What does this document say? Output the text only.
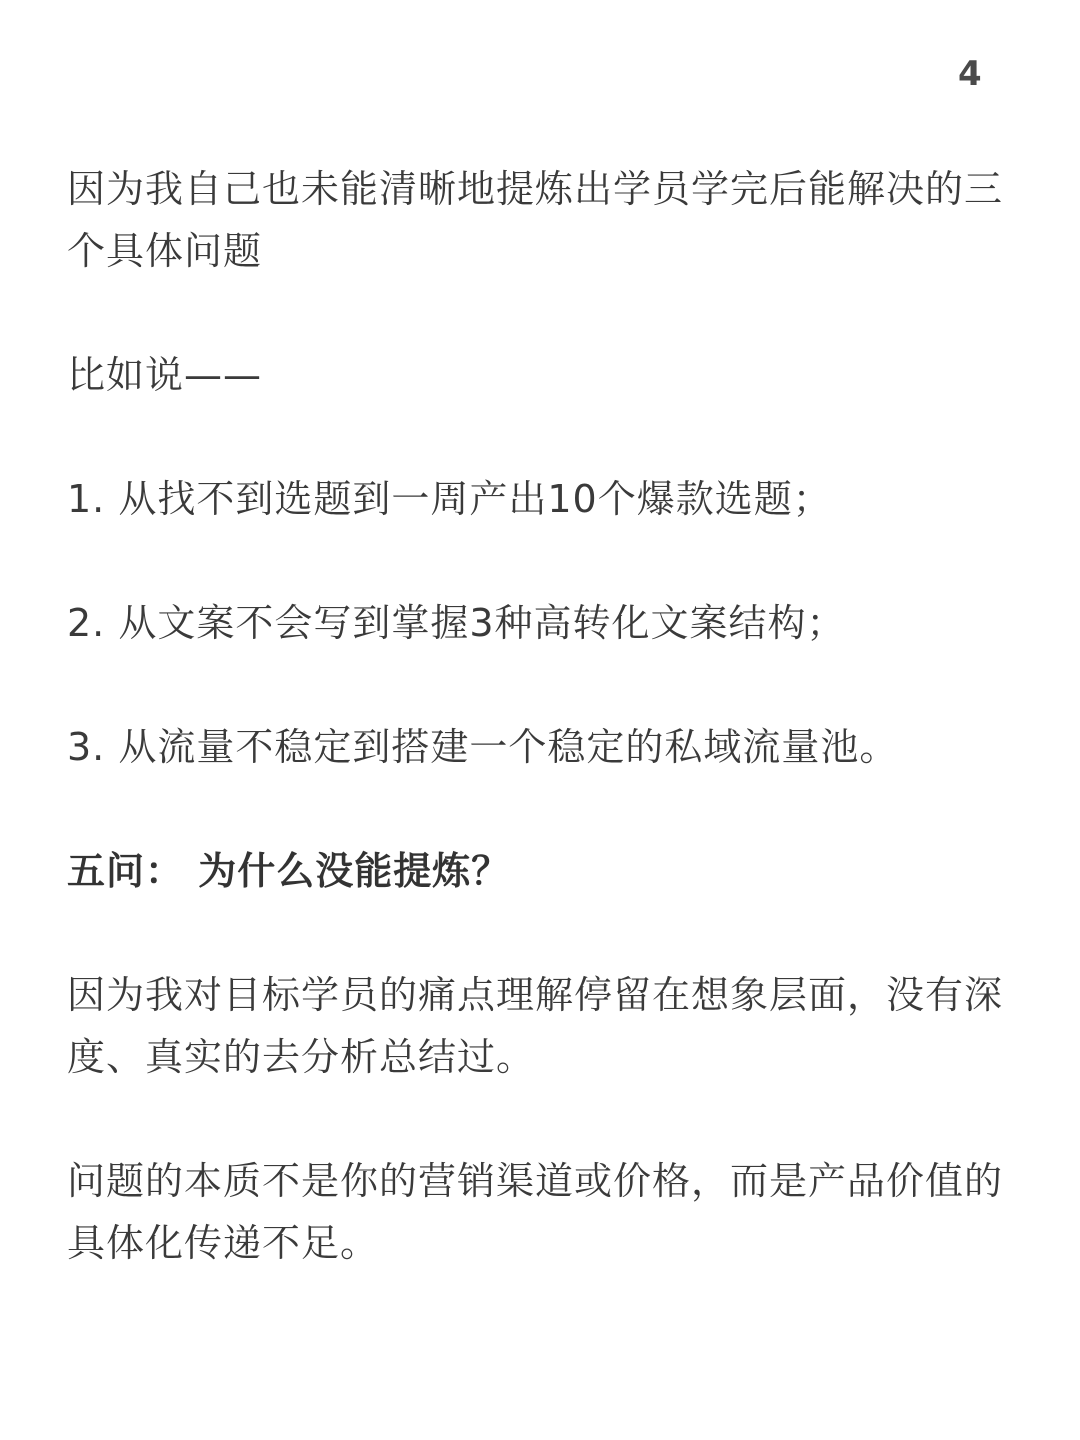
4

因为我自己也未能清晰地提炼出学员学完后能解决的三个具体问题

比如说——

1. 从找不到选题到一周产出10个爆款选题；

2. 从文案不会写到掌握3种高转化文案结构；

3. 从流量不稳定到搭建一个稳定的私域流量池。

五问： 为什么没能提炼？

因为我对目标学员的痛点理解停留在想象层面，没有深度、真实的去分析总结过。

问题的本质不是你的营销渠道或价格，而是产品价值的具体化传递不足。
